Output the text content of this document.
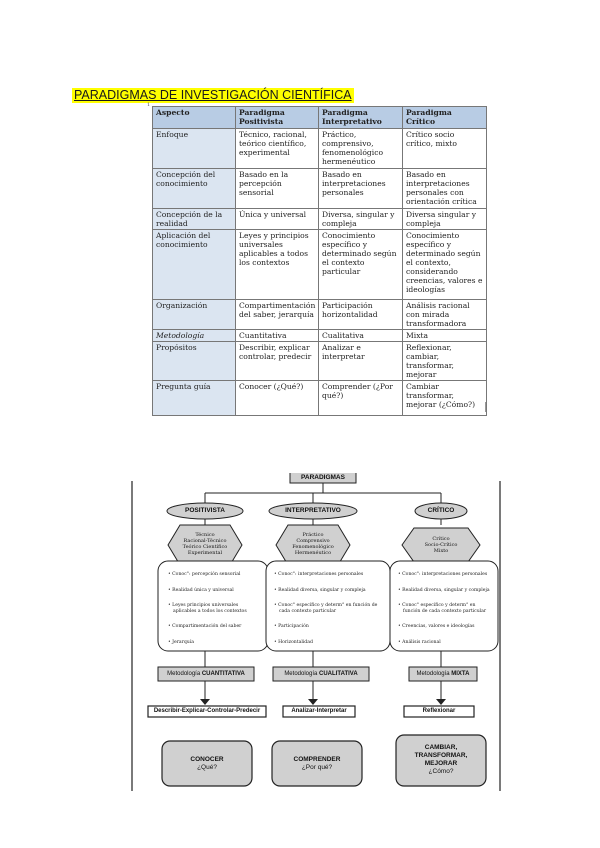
PARADIGMAS DE INVESTIGACIÓN CIENTÍFICA
1
Aspecto	Paradigma Positivista	Paradigma Interpretativo	Paradigma Crítico
Enfoque	Técnico, racional, teórico científico, experimental	Práctico, comprensivo, fenomenológico hermenéutico	Crítico socio crítico, mixto
Concepción del conocimiento	Basado en la percepción sensorial	Basado en interpretaciones personales	Basado en interpretaciones personales con orientación crítica
Concepción de la realidad	Única y universal	Diversa, singular y compleja	Diversa singular y compleja
Aplicación del conocimiento	Leyes y principios universales aplicables a todos los contextos	Conocimiento específico y determinado según el contexto particular	Conocimiento específico y determinado según el contexto, considerando creencias, valores e ideologías
Organización	Compartimentación del saber, jerarquía	Participación horizontalidad	Análisis racional con mirada transformadora
Metodología	Cuantitativa	Cualitativa	Mixta
Propósitos	Describir, explicar controlar, predecir	Analizar e interpretar	Reflexionar, cambiar, transformar, mejorar
Pregunta guía	Conocer (¿Qué?)	Comprender (¿Por qué?)	Cambiar transformar, mejorar (¿Cómo?)
PARADIGMAS
POSITIVISTA	INTERPRETATIVO	CRÍTICO
Técnico
Racional-Técnico
Teórico Científico
Experimental
Práctico
Comprensivo
Fenomenológico
Hermenéutico
Crítico
Socio-Crítico
Mixto
• Conoc°: percepción sensorial
• Realidad única y universal
• Leyes principios universales aplicables a todos los contextos
• Compartimentación del saber
• Jerarquía
• Conoc°: interpretaciones personales
• Realidad diversa, singular y compleja
• Conoc° específico y determ° en función de cada contexto particular
• Participación
• Horizontalidad
• Conoc°: interpretaciones personales
• Realidad diversa, singular y compleja
• Conoc° específico y determ° en función de cada contexto particular
• Creencias, valores e ideologías
• Análisis racional
Metodología CUANTITATIVA	Metodología CUALITATIVA	Metodología MIXTA
Describir-Explicar-Controlar-Predecir	Analizar-Interpretar	Reflexionar
CONOCER
¿Qué?
COMPRENDER
¿Por qué?
CAMBIAR,
TRANSFORMAR,
MEJORAR
¿Cómo?
